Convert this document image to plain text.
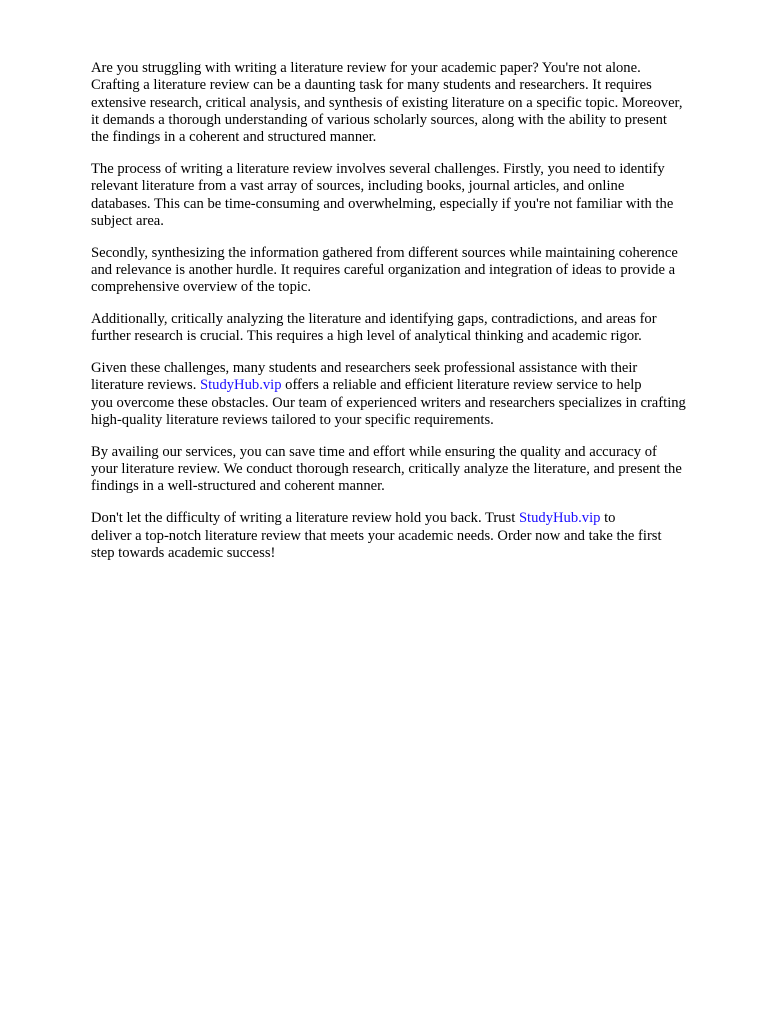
Are you struggling with writing a literature review for your academic paper? You're not alone.
Crafting a literature review can be a daunting task for many students and researchers. It requires
extensive research, critical analysis, and synthesis of existing literature on a specific topic. Moreover,
it demands a thorough understanding of various scholarly sources, along with the ability to present
the findings in a coherent and structured manner.

The process of writing a literature review involves several challenges. Firstly, you need to identify
relevant literature from a vast array of sources, including books, journal articles, and online
databases. This can be time-consuming and overwhelming, especially if you're not familiar with the
subject area.

Secondly, synthesizing the information gathered from different sources while maintaining coherence
and relevance is another hurdle. It requires careful organization and integration of ideas to provide a
comprehensive overview of the topic.

Additionally, critically analyzing the literature and identifying gaps, contradictions, and areas for
further research is crucial. This requires a high level of analytical thinking and academic rigor.

Given these challenges, many students and researchers seek professional assistance with their
literature reviews. StudyHub.vip offers a reliable and efficient literature review service to help
you overcome these obstacles. Our team of experienced writers and researchers specializes in crafting
high-quality literature reviews tailored to your specific requirements.

By availing our services, you can save time and effort while ensuring the quality and accuracy of
your literature review. We conduct thorough research, critically analyze the literature, and present the
findings in a well-structured and coherent manner.

Don't let the difficulty of writing a literature review hold you back. Trust StudyHub.vip to
deliver a top-notch literature review that meets your academic needs. Order now and take the first
step towards academic success!
